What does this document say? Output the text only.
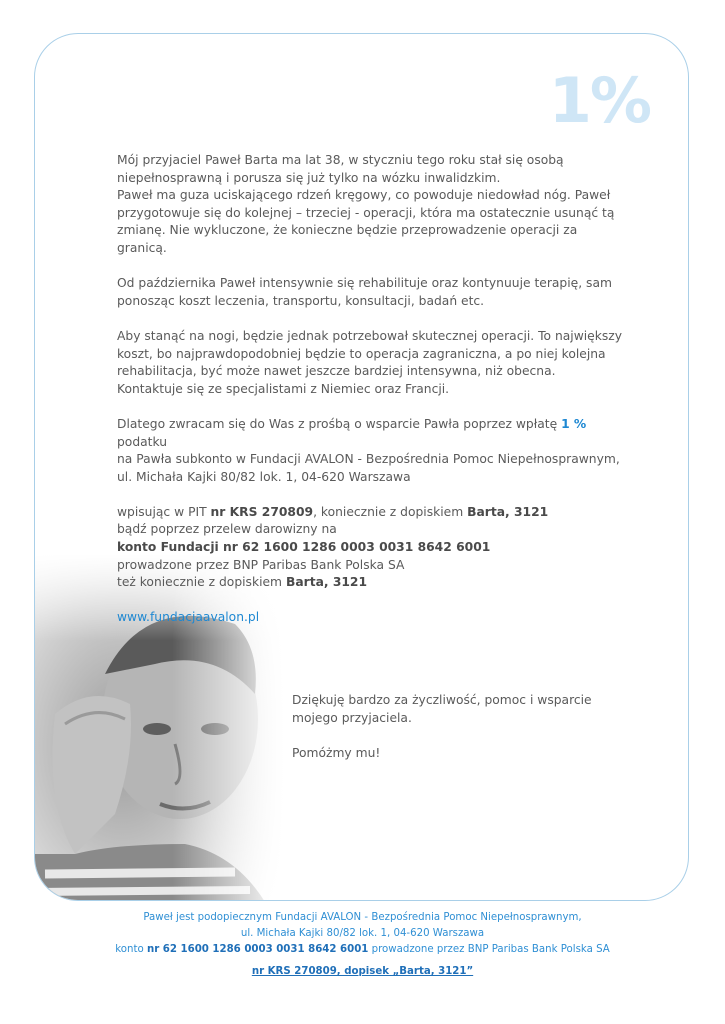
1%

Mój przyjaciel Paweł Barta ma lat 38, w styczniu tego roku stał się osobą
niepełnosprawną i porusza się już tylko na wózku inwalidzkim.
Paweł ma guza uciskającego rdzeń kręgowy, co powoduje niedowład nóg. Paweł
przygotowuje się do kolejnej – trzeciej - operacji, która ma ostatecznie usunąć tą
zmianę. Nie wykluczone, że konieczne będzie przeprowadzenie operacji za granicą.

Od października Paweł intensywnie się rehabilituje oraz kontynuuje terapię, sam
ponosząc koszt leczenia, transportu, konsultacji, badań etc.

Aby stanąć na nogi, będzie jednak potrzebował skutecznej operacji. To największy
koszt, bo najprawdopodobniej będzie to operacja zagraniczna, a po niej kolejna
rehabilitacja, być może nawet jeszcze bardziej intensywna, niż obecna.
Kontaktuje się ze specjalistami z Niemiec oraz Francji.

Dlatego zwracam się do Was z prośbą o wsparcie Pawła poprzez wpłatę 1 % podatku
na Pawła subkonto w Fundacji AVALON - Bezpośrednia Pomoc Niepełnosprawnym,
ul. Michała Kajki 80/82 lok. 1, 04-620 Warszawa

wpisując w PIT nr KRS 270809, koniecznie z dopiskiem Barta, 3121
bądź poprzez przelew darowizny na
konto Fundacji nr 62 1600 1286 0003 0031 8642 6001
prowadzone przez BNP Paribas Bank Polska SA
też koniecznie z dopiskiem Barta, 3121

www.fundacjaavalon.pl

Dziękuję bardzo za życzliwość, pomoc i wsparcie
mojego przyjaciela.

Pomóżmy mu!

Paweł jest podopiecznym Fundacji AVALON - Bezpośrednia Pomoc Niepełnosprawnym,
ul. Michała Kajki 80/82 lok. 1, 04-620 Warszawa
konto nr 62 1600 1286 0003 0031 8642 6001 prowadzone przez BNP Paribas Bank Polska SA
nr KRS 270809, dopisek „Barta, 3121”
